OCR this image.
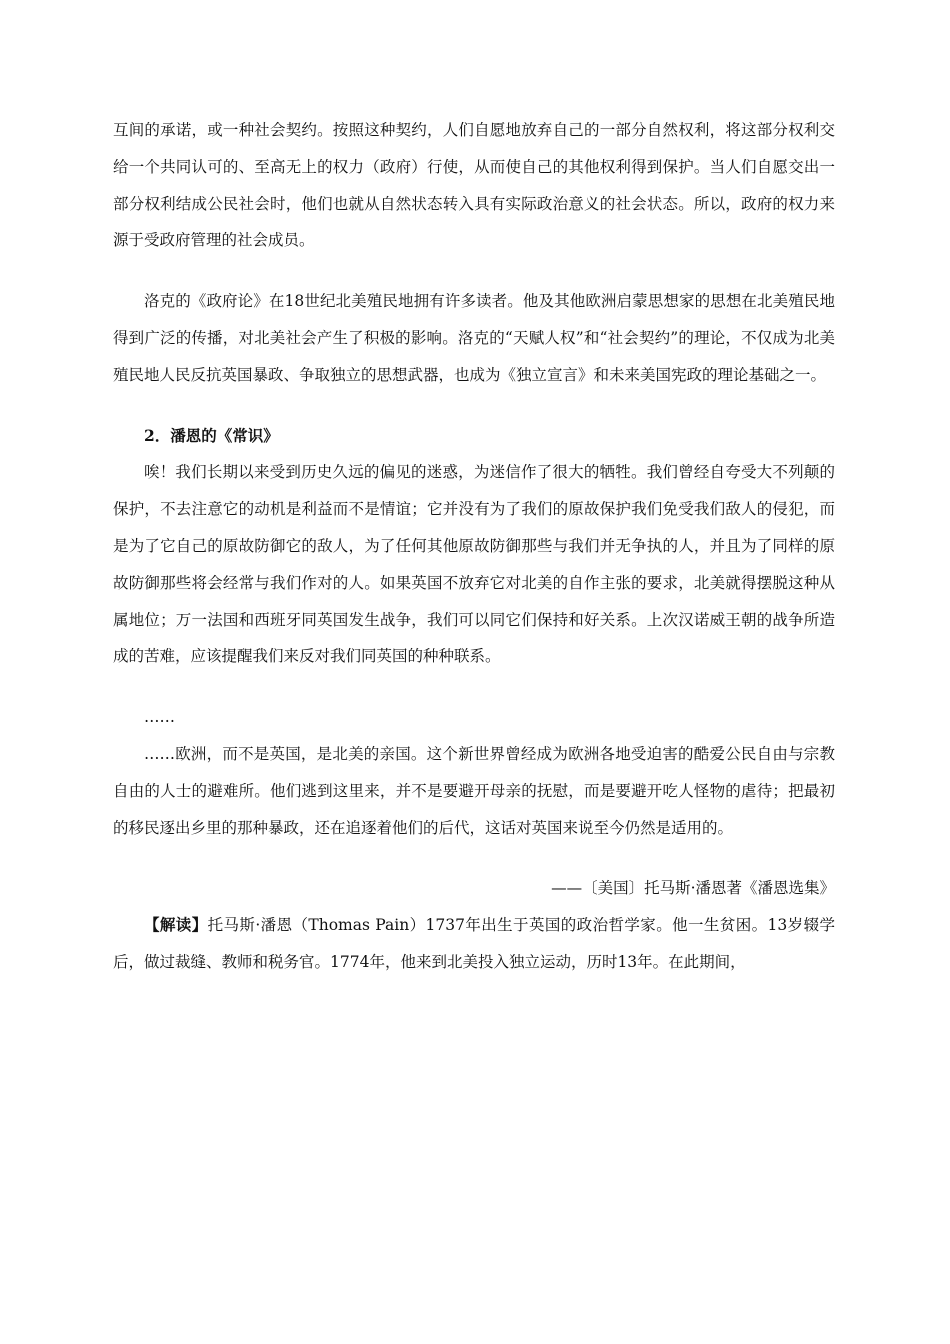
互间的承诺，或一种社会契约。按照这种契约，人们自愿地放弃自己的一部分自然权利，将这部分权利交给一个共同认可的、至高无上的权力（政府）行使，从而使自己的其他权利得到保护。当人们自愿交出一部分权利结成公民社会时，他们也就从自然状态转入具有实际政治意义的社会状态。所以，政府的权力来源于受政府管理的社会成员。

洛克的《政府论》在18世纪北美殖民地拥有许多读者。他及其他欧洲启蒙思想家的思想在北美殖民地得到广泛的传播，对北美社会产生了积极的影响。洛克的“天赋人权”和“社会契约”的理论，不仅成为北美殖民地人民反抗英国暴政、争取独立的思想武器，也成为《独立宣言》和未来美国宪政的理论基础之一。

2．潘恩的《常识》

唉！我们长期以来受到历史久远的偏见的迷惑，为迷信作了很大的牺牲。我们曾经自夸受大不列颠的保护，不去注意它的动机是利益而不是情谊；它并没有为了我们的原故保护我们免受我们敌人的侵犯，而是为了它自己的原故防御它的敌人，为了任何其他原故防御那些与我们并无争执的人，并且为了同样的原故防御那些将会经常与我们作对的人。如果英国不放弃它对北美的自作主张的要求，北美就得摆脱这种从属地位；万一法国和西班牙同英国发生战争，我们可以同它们保持和好关系。上次汉诺威王朝的战争所造成的苦难，应该提醒我们来反对我们同英国的种种联系。

……

……欧洲，而不是英国，是北美的亲国。这个新世界曾经成为欧洲各地受迫害的酷爱公民自由与宗教自由的人士的避难所。他们逃到这里来，并不是要避开母亲的抚慰，而是要避开吃人怪物的虐待；把最初的移民逐出乡里的那种暴政，还在追逐着他们的后代，这话对英国来说至今仍然是适用的。

——〔美国〕托马斯·潘恩著《潘恩选集》

【解读】托马斯·潘恩（Thomas Pain）1737年出生于英国的政治哲学家。他一生贫困。13岁辍学后，做过裁缝、教师和税务官。1774年，他来到北美投入独立运动，历时13年。在此期间，
